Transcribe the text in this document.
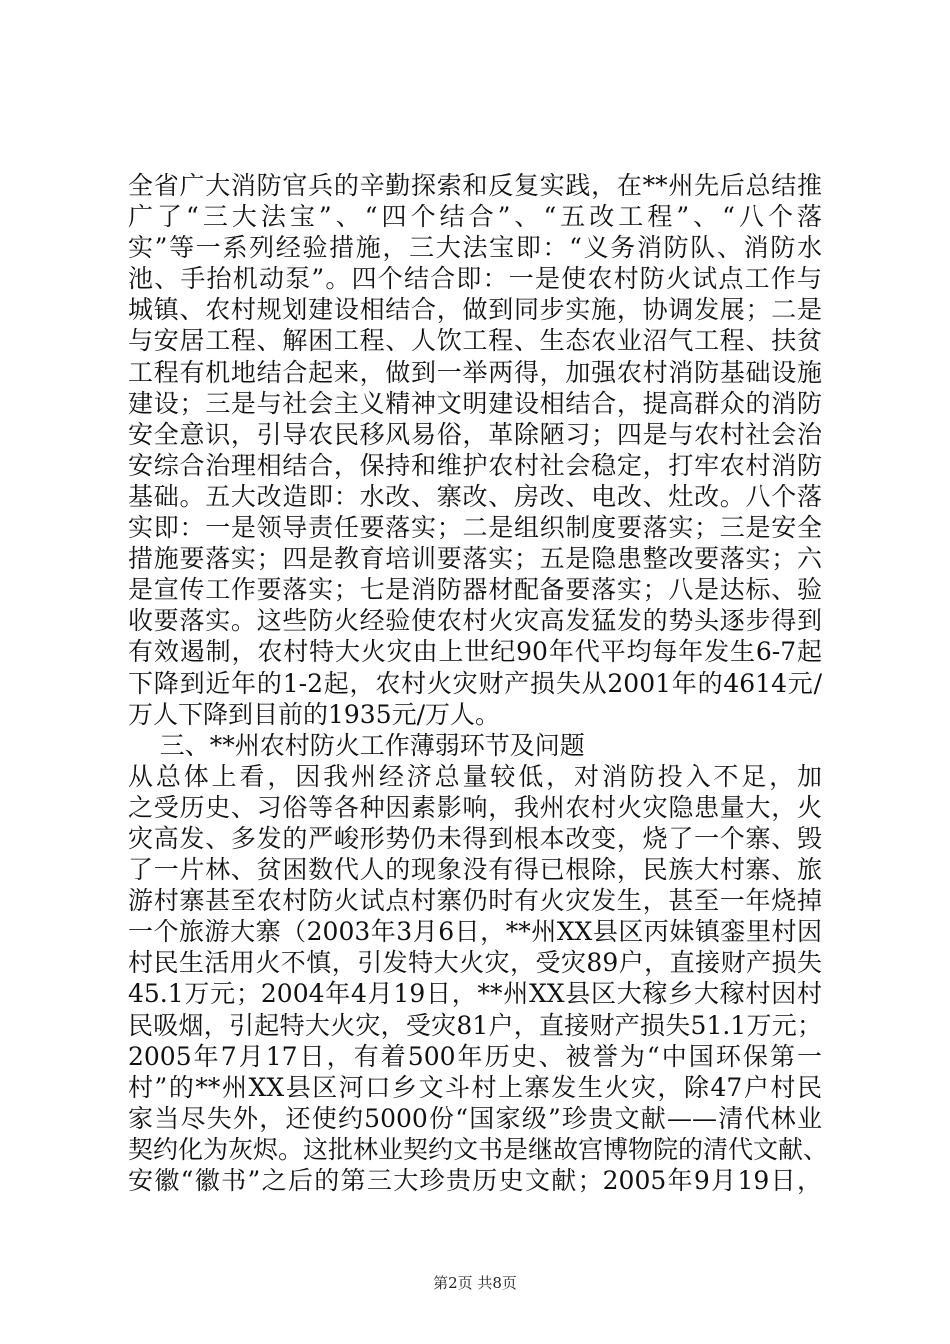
全省广大消防官兵的辛勤探索和反复实践，在**州先后总结推
广了“三大法宝”、“四个结合”、“五改工程”、“八个落
实”等一系列经验措施，三大法宝即：“义务消防队、消防水
池、手抬机动泵”。四个结合即：一是使农村防火试点工作与
城镇、农村规划建设相结合，做到同步实施，协调发展；二是
与安居工程、解困工程、人饮工程、生态农业沼气工程、扶贫
工程有机地结合起来，做到一举两得，加强农村消防基础设施
建设；三是与社会主义精神文明建设相结合，提高群众的消防
安全意识，引导农民移风易俗，革除陋习；四是与农村社会治
安综合治理相结合，保持和维护农村社会稳定，打牢农村消防
基础。五大改造即：水改、寨改、房改、电改、灶改。八个落
实即：一是领导责任要落实；二是组织制度要落实；三是安全
措施要落实；四是教育培训要落实；五是隐患整改要落实；六
是宣传工作要落实；七是消防器材配备要落实；八是达标、验
收要落实。这些防火经验使农村火灾高发猛发的势头逐步得到
有效遏制，农村特大火灾由上世纪90年代平均每年发生6-7起
下降到近年的1-2起，农村火灾财产损失从2001年的4614元/
万人下降到目前的1935元/万人。
三、**州农村防火工作薄弱环节及问题
从总体上看，因我州经济总量较低，对消防投入不足，加
之受历史、习俗等各种因素影响，我州农村火灾隐患量大，火
灾高发、多发的严峻形势仍未得到根本改变，烧了一个寨、毁
了一片林、贫困数代人的现象没有得已根除，民族大村寨、旅
游村寨甚至农村防火试点村寨仍时有火灾发生，甚至一年烧掉
一个旅游大寨（2003年3月6日，**州XX县区丙妹镇銮里村因
村民生活用火不慎，引发特大火灾，受灾89户，直接财产损失
45.1万元；2004年4月19日，**州XX县区大稼乡大稼村因村
民吸烟，引起特大火灾，受灾81户，直接财产损失51.1万元；
2005年7月17日，有着500年历史、被誉为“中国环保第一
村”的**州XX县区河口乡文斗村上寨发生火灾，除47户村民
家当尽失外，还使约5000份“国家级”珍贵文献——清代林业
契约化为灰烬。这批林业契约文书是继故宫博物院的清代文献、
安徽“徽书”之后的第三大珍贵历史文献；2005年9月19日，
第2页 共8页
